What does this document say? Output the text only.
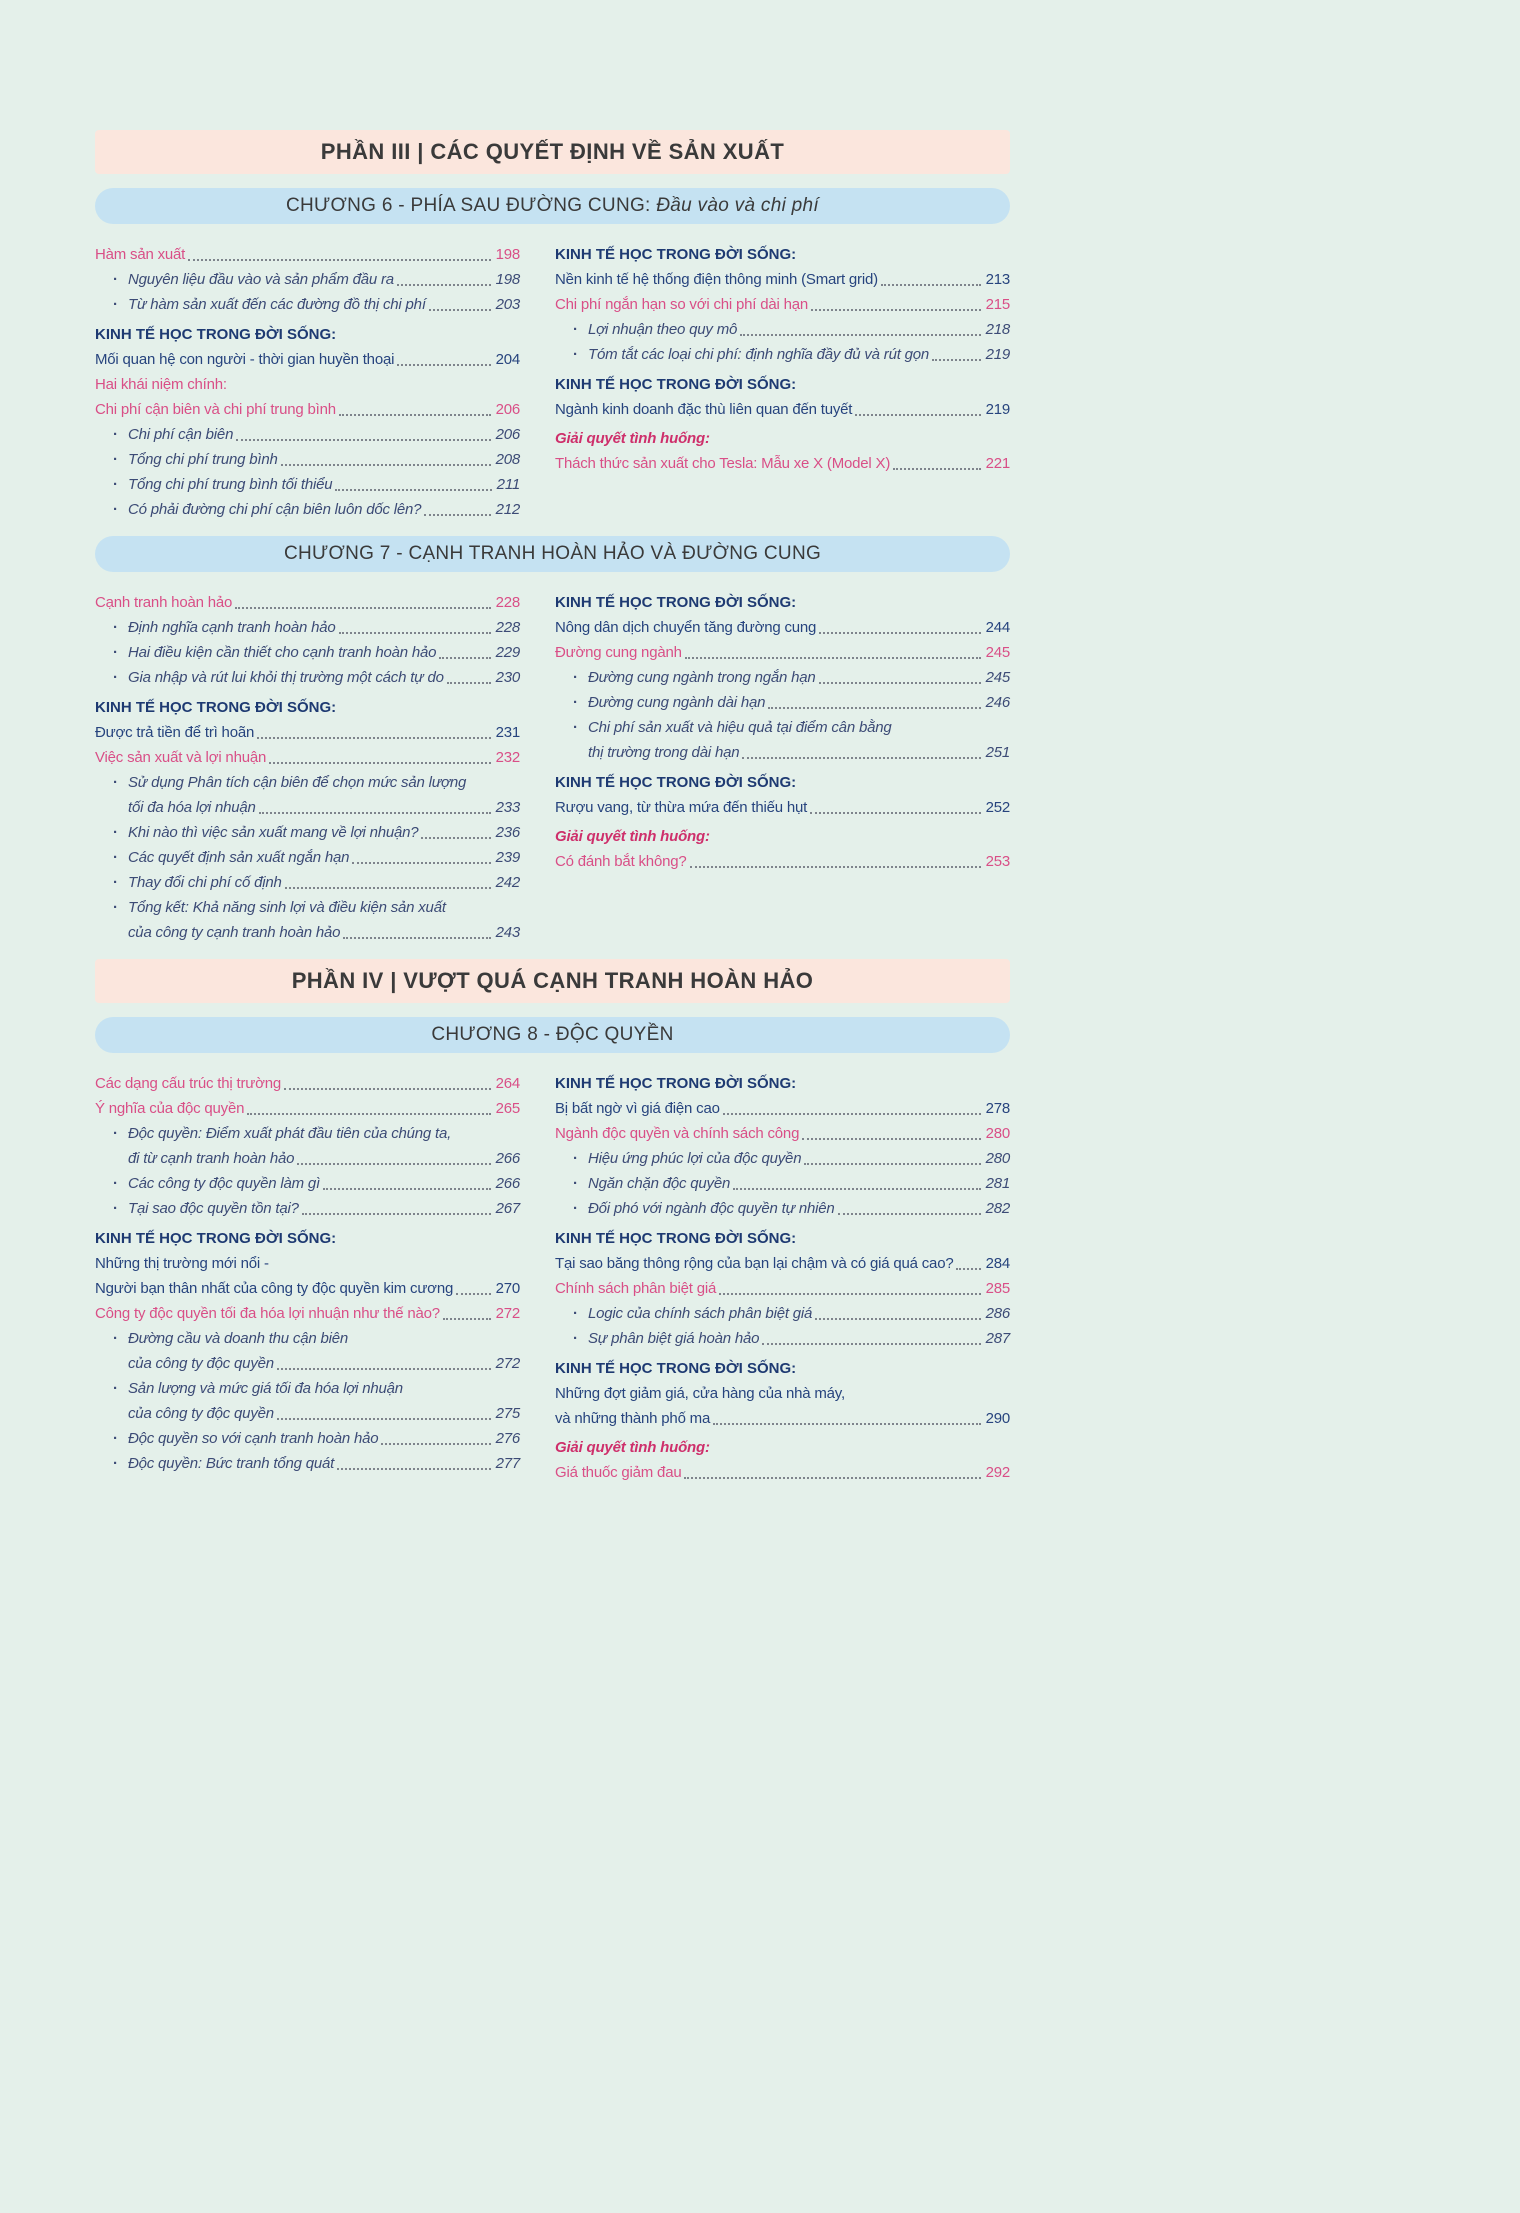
PHẦN III | CÁC QUYẾT ĐỊNH VỀ SẢN XUẤT
CHƯƠNG 6 - PHÍA SAU ĐƯỜNG CUNG: Đầu vào và chi phí
Hàm sản xuất	198
· Nguyên liệu đầu vào và sản phẩm đầu ra	198
· Từ hàm sản xuất đến các đường đồ thị chi phí	203
KINH TẾ HỌC TRONG ĐỜI SỐNG:
Mối quan hệ con người - thời gian huyền thoại	204
Hai khái niệm chính:
Chi phí cận biên và chi phí trung bình	206
· Chi phí cận biên	206
· Tổng chi phí trung bình	208
· Tổng chi phí trung bình tối thiểu	211
· Có phải đường chi phí cận biên luôn dốc lên?	212
KINH TẾ HỌC TRONG ĐỜI SỐNG:
Nền kinh tế hệ thống điện thông minh (Smart grid)	213
Chi phí ngắn hạn so với chi phí dài hạn	215
· Lợi nhuận theo quy mô	218
· Tóm tắt các loại chi phí: định nghĩa đầy đủ và rút gọn	219
KINH TẾ HỌC TRONG ĐỜI SỐNG:
Ngành kinh doanh đặc thù liên quan đến tuyết	219
Giải quyết tình huống:
Thách thức sản xuất cho Tesla: Mẫu xe X (Model X)	221
CHƯƠNG 7 - CẠNH TRANH HOÀN HẢO VÀ ĐƯỜNG CUNG
Cạnh tranh hoàn hảo	228
· Định nghĩa cạnh tranh hoàn hảo	228
· Hai điều kiện cần thiết cho cạnh tranh hoàn hảo	229
· Gia nhập và rút lui khỏi thị trường một cách tự do	230
KINH TẾ HỌC TRONG ĐỜI SỐNG:
Được trả tiền để trì hoãn	231
Việc sản xuất và lợi nhuận	232
· Sử dụng Phân tích cận biên để chọn mức sản lượng
tối đa hóa lợi nhuận	233
· Khi nào thì việc sản xuất mang về lợi nhuận?	236
· Các quyết định sản xuất ngắn hạn	239
· Thay đổi chi phí cố định	242
· Tổng kết: Khả năng sinh lợi và điều kiện sản xuất
của công ty cạnh tranh hoàn hảo	243
KINH TẾ HỌC TRONG ĐỜI SỐNG:
Nông dân dịch chuyển tăng đường cung	244
Đường cung ngành	245
· Đường cung ngành trong ngắn hạn	245
· Đường cung ngành dài hạn	246
· Chi phí sản xuất và hiệu quả tại điểm cân bằng
thị trường trong dài hạn	251
KINH TẾ HỌC TRONG ĐỜI SỐNG:
Rượu vang, từ thừa mứa đến thiếu hụt	252
Giải quyết tình huống:
Có đánh bắt không?	253
PHẦN IV | VƯỢT QUÁ CẠNH TRANH HOÀN HẢO
CHƯƠNG 8 - ĐỘC QUYỀN
Các dạng cấu trúc thị trường	264
Ý nghĩa của độc quyền	265
· Độc quyền: Điểm xuất phát đầu tiên của chúng ta,
đi từ cạnh tranh hoàn hảo	266
· Các công ty độc quyền làm gì	266
· Tại sao độc quyền tồn tại?	267
KINH TẾ HỌC TRONG ĐỜI SỐNG:
Những thị trường mới nổi -
Người bạn thân nhất của công ty độc quyền kim cương	270
Công ty độc quyền tối đa hóa lợi nhuận như thế nào?	272
· Đường cầu và doanh thu cận biên
của công ty độc quyền	272
· Sản lượng và mức giá tối đa hóa lợi nhuận
của công ty độc quyền	275
· Độc quyền so với cạnh tranh hoàn hảo	276
· Độc quyền: Bức tranh tổng quát	277
KINH TẾ HỌC TRONG ĐỜI SỐNG:
Bị bất ngờ vì giá điện cao	278
Ngành độc quyền và chính sách công	280
· Hiệu ứng phúc lợi của độc quyền	280
· Ngăn chặn độc quyền	281
· Đối phó với ngành độc quyền tự nhiên	282
KINH TẾ HỌC TRONG ĐỜI SỐNG:
Tại sao băng thông rộng của bạn lại chậm và có giá quá cao? 284
Chính sách phân biệt giá	285
· Logic của chính sách phân biệt giá	286
· Sự phân biệt giá hoàn hảo	287
KINH TẾ HỌC TRONG ĐỜI SỐNG:
Những đợt giảm giá, cửa hàng của nhà máy,
và những thành phố ma	290
Giải quyết tình huống:
Giá thuốc giảm đau	292
